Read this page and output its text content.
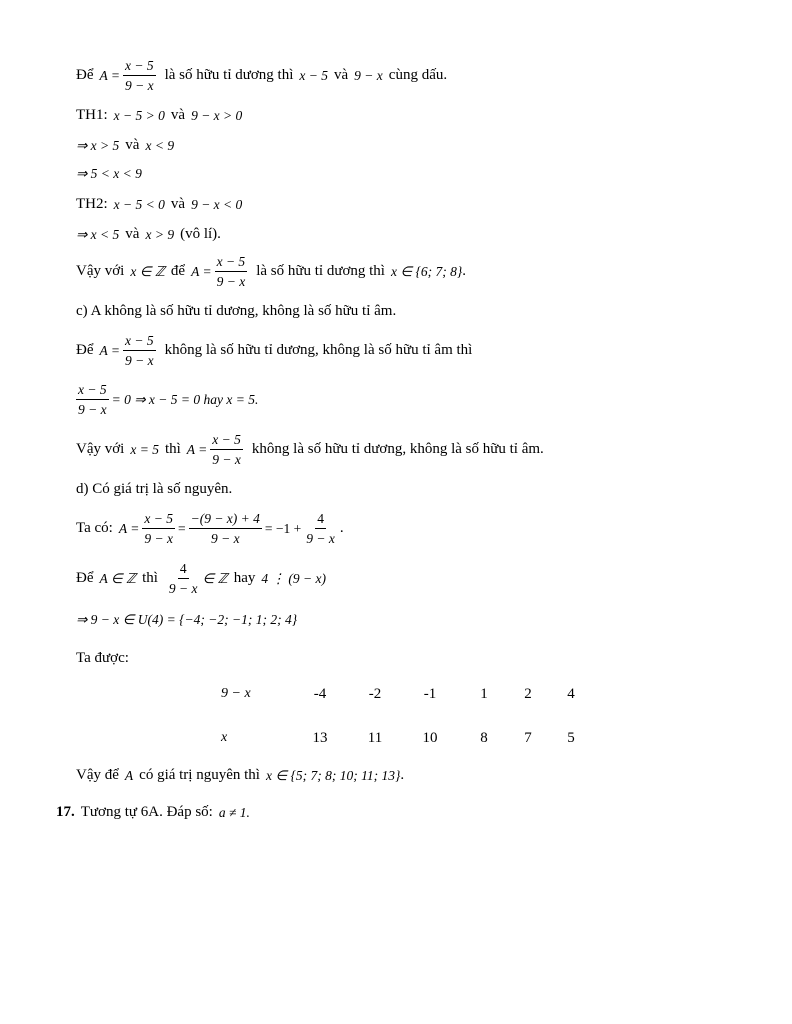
Để $A = \frac{x - 5}{9 - x}$ là số hữu tỉ dương thì x − 5 và 9 − x cùng dấu.
TH1: x − 5 > 0 và 9 − x > 0
⇒ x > 5 và x < 9
⇒ 5 < x < 9
TH2: x − 5 < 0 và 9 − x < 0
⇒ x < 5 và x > 9 (vô lí).
Vậy với x ∈ ℤ để $A = \frac{x - 5}{9 - x}$ là số hữu tỉ dương thì x ∈ {6; 7; 8} .
c) A không là số hữu tỉ dương, không là số hữu tỉ âm.
Để $A = \frac{x - 5}{9 - x}$ không là số hữu tỉ dương, không là số hữu tỉ âm thì
$\frac{x - 5}{9 - x} = 0$ ⇒ x − 5 = 0 hay x = 5.
Vậy với x = 5 thì $A = \frac{x - 5}{9 - x}$ không là số hữu tỉ dương, không là số hữu tỉ âm.
d) Có giá trị là số nguyên.
Ta có: $A = \frac{x - 5}{9 - x} = \frac{-(9 - x) + 4}{9 - x} = -1 + \frac{4}{9 - x}$ .
Để A ∈ ℤ thì $\frac{4}{9 - x}$ ∈ ℤ hay 4 ⋮ (9 − x)
⇒ 9 − x ∈ U(4) = {−4; −2; −1; 1; 2; 4}
Ta được:
9 − x	-4	-2	-1	1	2	4
x	13	11	10	8	7	5
Vậy để A có giá trị nguyên thì x ∈ {5; 7; 8; 10; 11; 13} .
17. Tương tự 6A. Đáp số: a ≠ 1.
